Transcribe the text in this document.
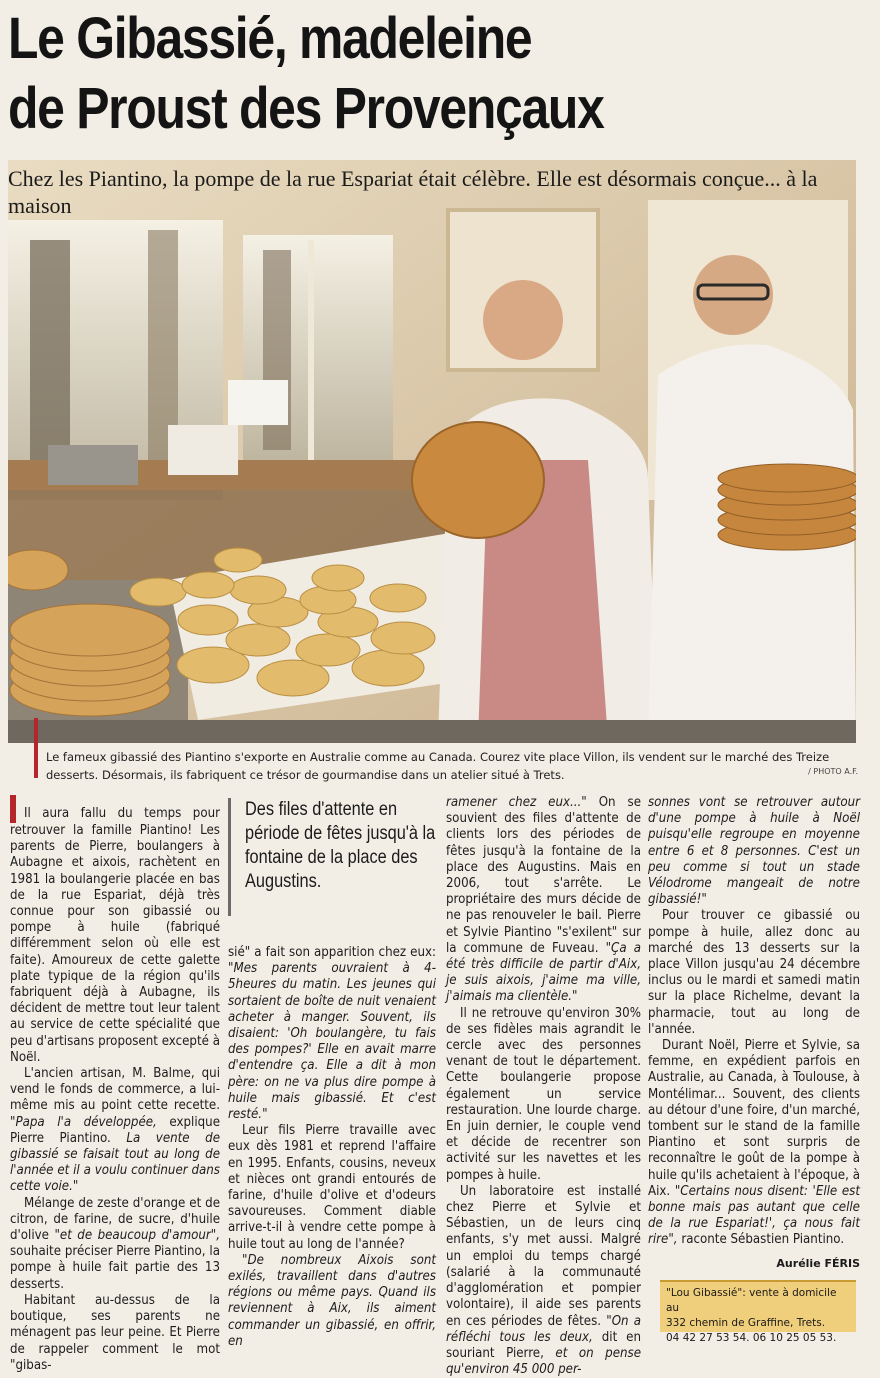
Le Gibassié, madeleine
de Proust des Provençaux

Chez les Piantino, la pompe de la rue Espariat était célèbre. Elle est désormais conçue... à la maison

Le fameux gibassié des Piantino s'exporte en Australie comme au Canada. Courez vite place Villon, ils vendent sur le marché des Treize desserts. Désormais, ils fabriquent ce trésor de gourmandise dans un atelier situé à Trets.	/ PHOTO A.F.

Il aura fallu du temps pour retrouver la famille Piantino! Les parents de Pierre, boulangers à Aubagne et aixois, rachètent en 1981 la boulangerie placée en bas de la rue Espariat, déjà très connue pour son gibassié ou pompe à huile (fabriqué différemment selon où elle est faite). Amoureux de cette galette plate typique de la région qu'ils fabriquent déjà à Aubagne, ils décident de mettre tout leur talent au service de cette spécialité que peu d'artisans proposent excepté à Noël.

L'ancien artisan, M. Balme, qui vend le fonds de commerce, a lui-même mis au point cette recette. "Papa l'a développée, explique Pierre Piantino. La vente de gibassié se faisait tout au long de l'année et il a voulu continuer dans cette voie."

Mélange de zeste d'orange et de citron, de farine, de sucre, d'huile d'olive "et de beaucoup d'amour", souhaite préciser Pierre Piantino, la pompe à huile fait partie des 13 desserts.

Habitant au-dessus de la boutique, ses parents ne ménagent pas leur peine. Et Pierre de rappeler comment le mot "gibas-

Des files d'attente en période de fêtes jusqu'à la fontaine de la place des Augustins.

sié" a fait son apparition chez eux: "Mes parents ouvraient à 4-5heures du matin. Les jeunes qui sortaient de boîte de nuit venaient acheter à manger. Souvent, ils disaient: 'Oh boulangère, tu fais des pompes?' Elle en avait marre d'entendre ça. Elle a dit à mon père: on ne va plus dire pompe à huile mais gibassié. Et c'est resté."

Leur fils Pierre travaille avec eux dès 1981 et reprend l'affaire en 1995. Enfants, cousins, neveux et nièces ont grandi entourés de farine, d'huile d'olive et d'odeurs savoureuses. Comment diable arrive-t-il à vendre cette pompe à huile tout au long de l'année?

"De nombreux Aixois sont exilés, travaillent dans d'autres régions ou même pays. Quand ils reviennent à Aix, ils aiment commander un gibassié, en offrir, en

ramener chez eux..." On se souvient des files d'attente de clients lors des périodes de fêtes jusqu'à la fontaine de la place des Augustins. Mais en 2006, tout s'arrête. Le propriétaire des murs décide de ne pas renouveler le bail. Pierre et Sylvie Piantino "s'exilent" sur la commune de Fuveau. "Ça a été très difficile de partir d'Aix, je suis aixois, j'aime ma ville, j'aimais ma clientèle."

Il ne retrouve qu'environ 30% de ses fidèles mais agrandit le cercle avec des personnes venant de tout le département. Cette boulangerie propose également un service restauration. Une lourde charge. En juin dernier, le couple vend et décide de recentrer son activité sur les navettes et les pompes à huile.

Un laboratoire est installé chez Pierre et Sylvie et Sébastien, un de leurs cinq enfants, s'y met aussi. Malgré un emploi du temps chargé (salarié à la communauté d'agglomération et pompier volontaire), il aide ses parents en ces périodes de fêtes. "On a réfléchi tous les deux, dit en souriant Pierre, et on pense qu'environ 45 000 per-

sonnes vont se retrouver autour d'une pompe à huile à Noël puisqu'elle regroupe en moyenne entre 6 et 8 personnes. C'est un peu comme si tout un stade Vélodrome mangeait de notre gibassié!"

Pour trouver ce gibassié ou pompe à huile, allez donc au marché des 13 desserts sur la place Villon jusqu'au 24 décembre inclus ou le mardi et samedi matin sur la place Richelme, devant la pharmacie, tout au long de l'année.

Durant Noël, Pierre et Sylvie, sa femme, en expédient parfois en Australie, au Canada, à Toulouse, à Montélimar... Souvent, des clients au détour d'une foire, d'un marché, tombent sur le stand de la famille Piantino et sont surpris de reconnaître le goût de la pompe à huile qu'ils achetaient à l'époque, à Aix. "Certains nous disent: 'Elle est bonne mais pas autant que celle de la rue Espariat!', ça nous fait rire", raconte Sébastien Piantino.

Aurélie FÉRIS
"Lou Gibassié": vente à domicile au
332 chemin de Graffine, Trets.
04 42 27 53 54. 06 10 25 05 53.
